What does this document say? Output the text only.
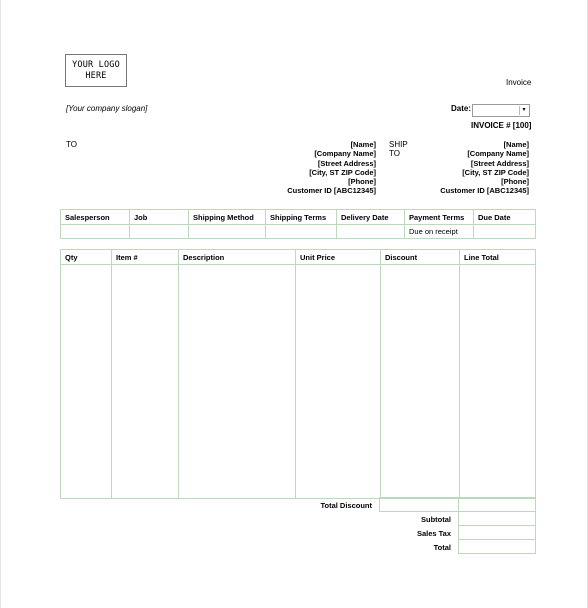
YOUR LOGO
HERE
Invoice
[Your company slogan]	Date:	▾
INVOICE # [100]
TO	[Name]
[Company Name]
[Street Address]
[City, ST ZIP Code]
[Phone]
Customer ID [ABC12345]
SHIP
TO
[Name]
[Company Name]
[Street Address]
[City, ST ZIP Code]
[Phone]
Customer ID [ABC12345]
Salesperson	Job	Shipping Method	Shipping Terms	Delivery Date	Payment Terms	Due Date
					Due on receipt	
Qty	Item #	Description	Unit Price	Discount	Line Total

Total Discount
Subtotal
Sales Tax
Total
